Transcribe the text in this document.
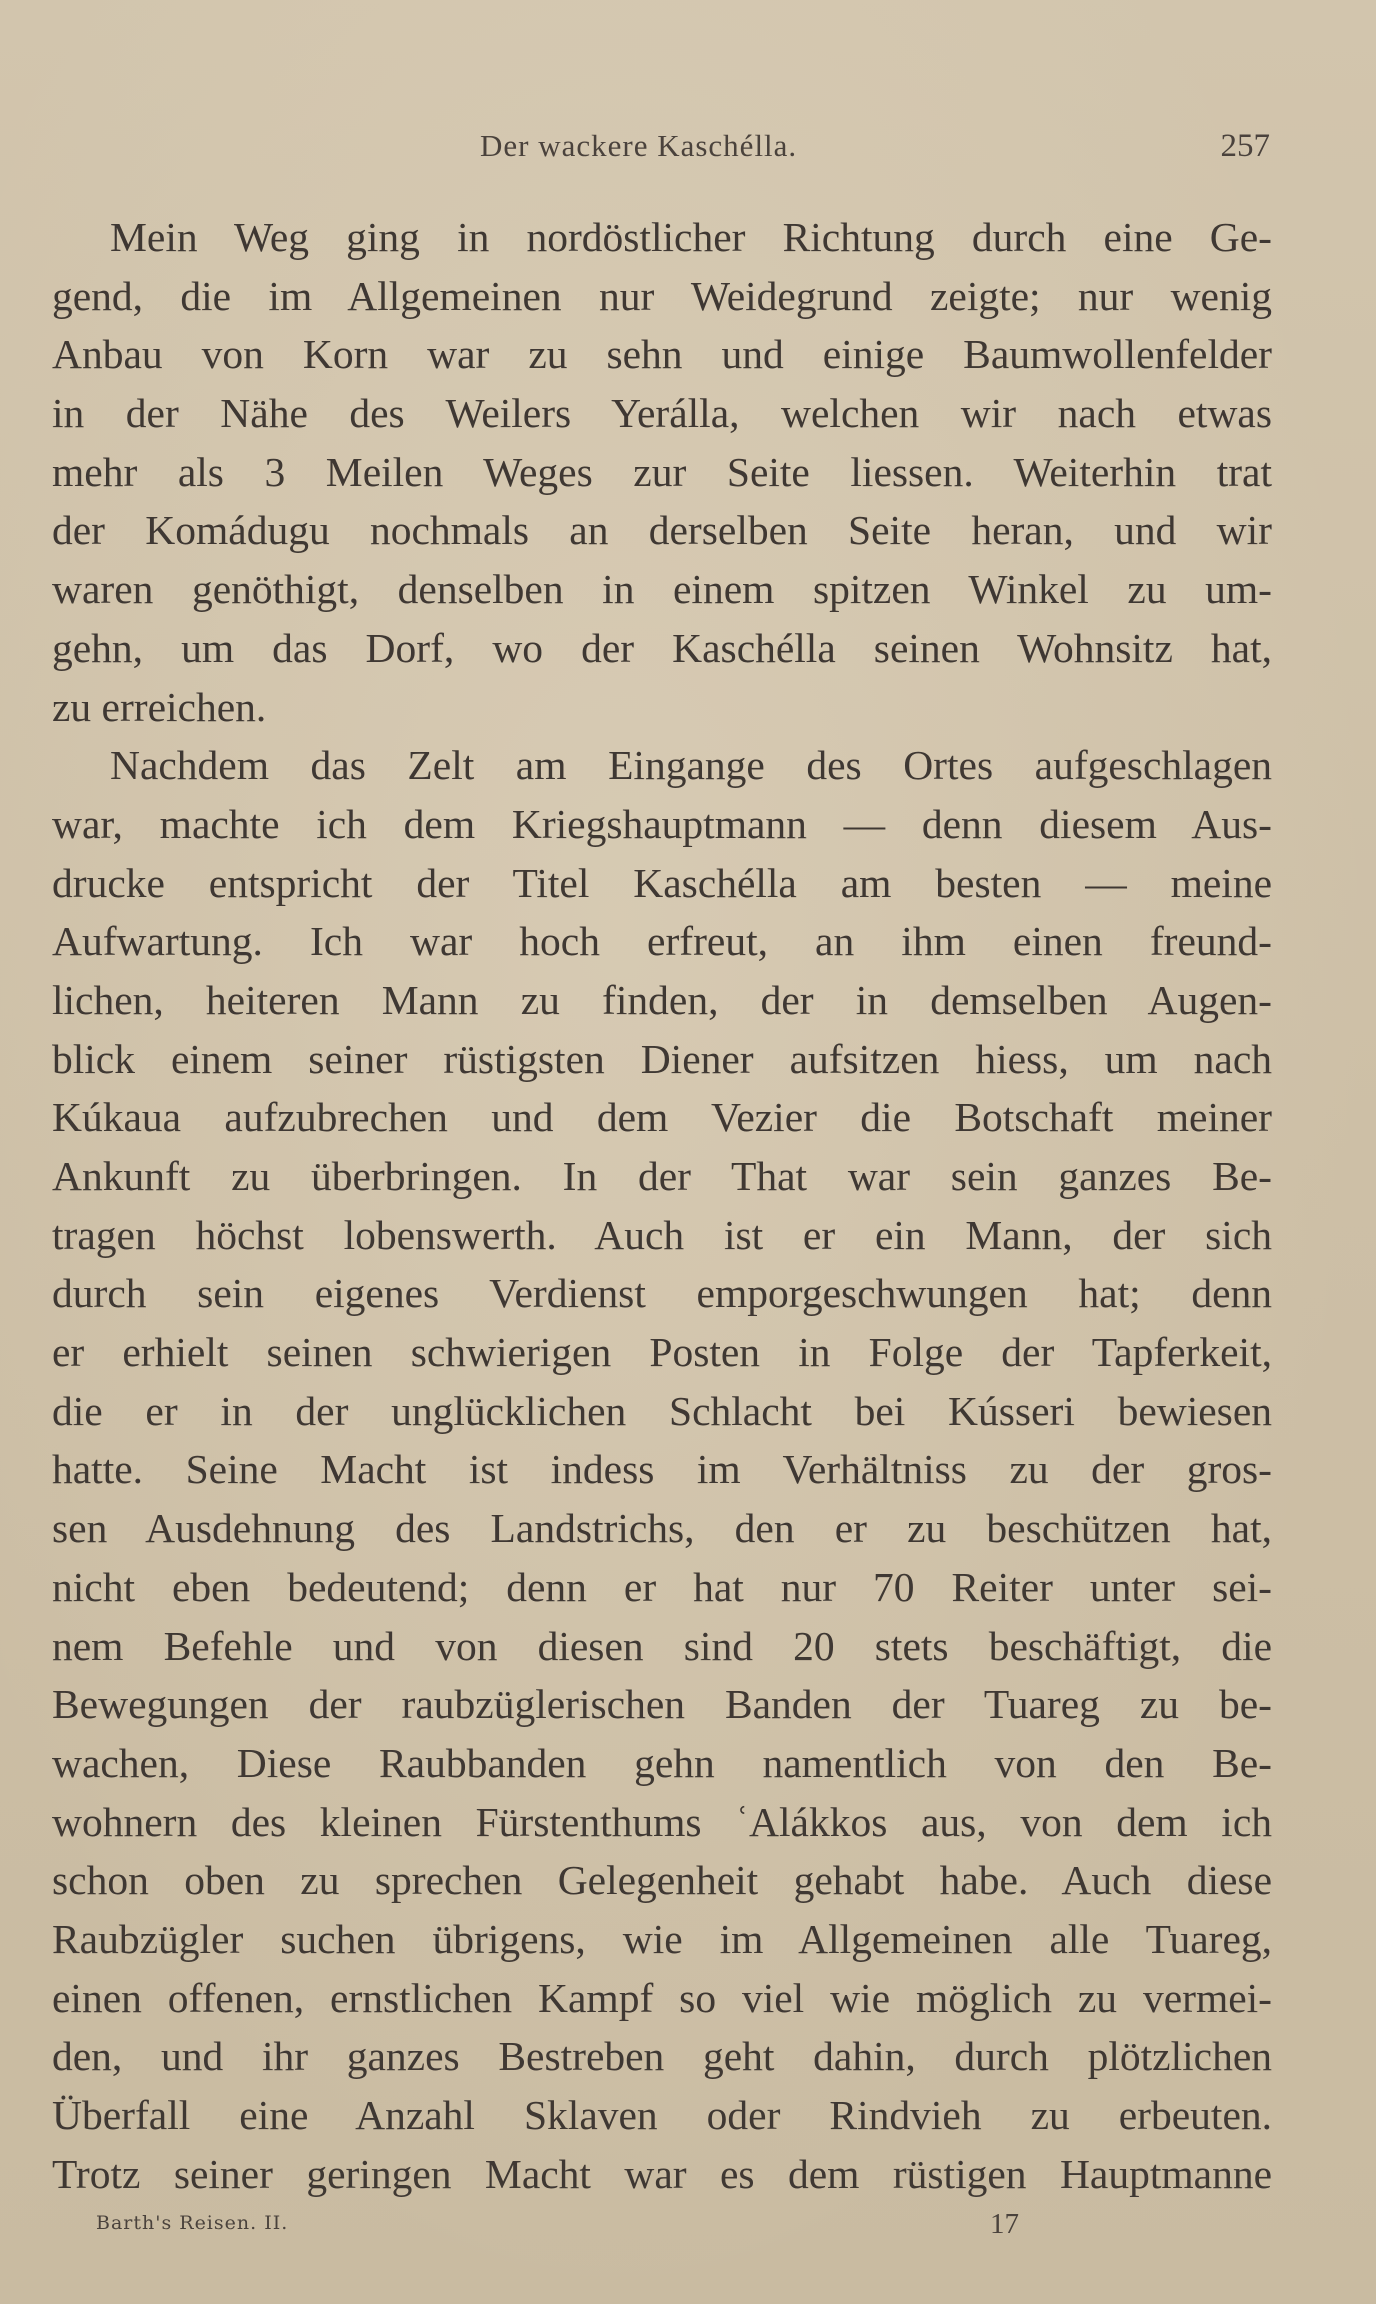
Der wackere Kaschélla.	257
Mein Weg ging in nordöstlicher Richtung durch eine Ge-
gend, die im Allgemeinen nur Weidegrund zeigte; nur wenig
Anbau von Korn war zu sehn und einige Baumwollenfelder
in der Nähe des Weilers Yerálla, welchen wir nach etwas
mehr als 3 Meilen Weges zur Seite liessen. Weiterhin trat
der Komádugu nochmals an derselben Seite heran, und wir
waren genöthigt, denselben in einem spitzen Winkel zu um-
gehn, um das Dorf, wo der Kaschélla seinen Wohnsitz hat,
zu erreichen.
Nachdem das Zelt am Eingange des Ortes aufgeschlagen
war, machte ich dem Kriegshauptmann — denn diesem Aus-
drucke entspricht der Titel Kaschélla am besten — meine
Aufwartung. Ich war hoch erfreut, an ihm einen freund-
lichen, heiteren Mann zu finden, der in demselben Augen-
blick einem seiner rüstigsten Diener aufsitzen hiess, um nach
Kúkaua aufzubrechen und dem Vezier die Botschaft meiner
Ankunft zu überbringen. In der That war sein ganzes Be-
tragen höchst lobenswerth. Auch ist er ein Mann, der sich
durch sein eigenes Verdienst emporgeschwungen hat; denn
er erhielt seinen schwierigen Posten in Folge der Tapferkeit,
die er in der unglücklichen Schlacht bei Kússeri bewiesen
hatte. Seine Macht ist indess im Verhältniss zu der gros-
sen Ausdehnung des Landstrichs, den er zu beschützen hat,
nicht eben bedeutend; denn er hat nur 70 Reiter unter sei-
nem Befehle und von diesen sind 20 stets beschäftigt, die
Bewegungen der raubzüglerischen Banden der Tuareg zu be-
wachen, Diese Raubbanden gehn namentlich von den Be-
wohnern des kleinen Fürstenthums ʿAlákkos aus, von dem ich
schon oben zu sprechen Gelegenheit gehabt habe. Auch diese
Raubzügler suchen übrigens, wie im Allgemeinen alle Tuareg,
einen offenen, ernstlichen Kampf so viel wie möglich zu vermei-
den, und ihr ganzes Bestreben geht dahin, durch plötzlichen
Überfall eine Anzahl Sklaven oder Rindvieh zu erbeuten.
Trotz seiner geringen Macht war es dem rüstigen Hauptmanne
Barth's Reisen. II.	17
